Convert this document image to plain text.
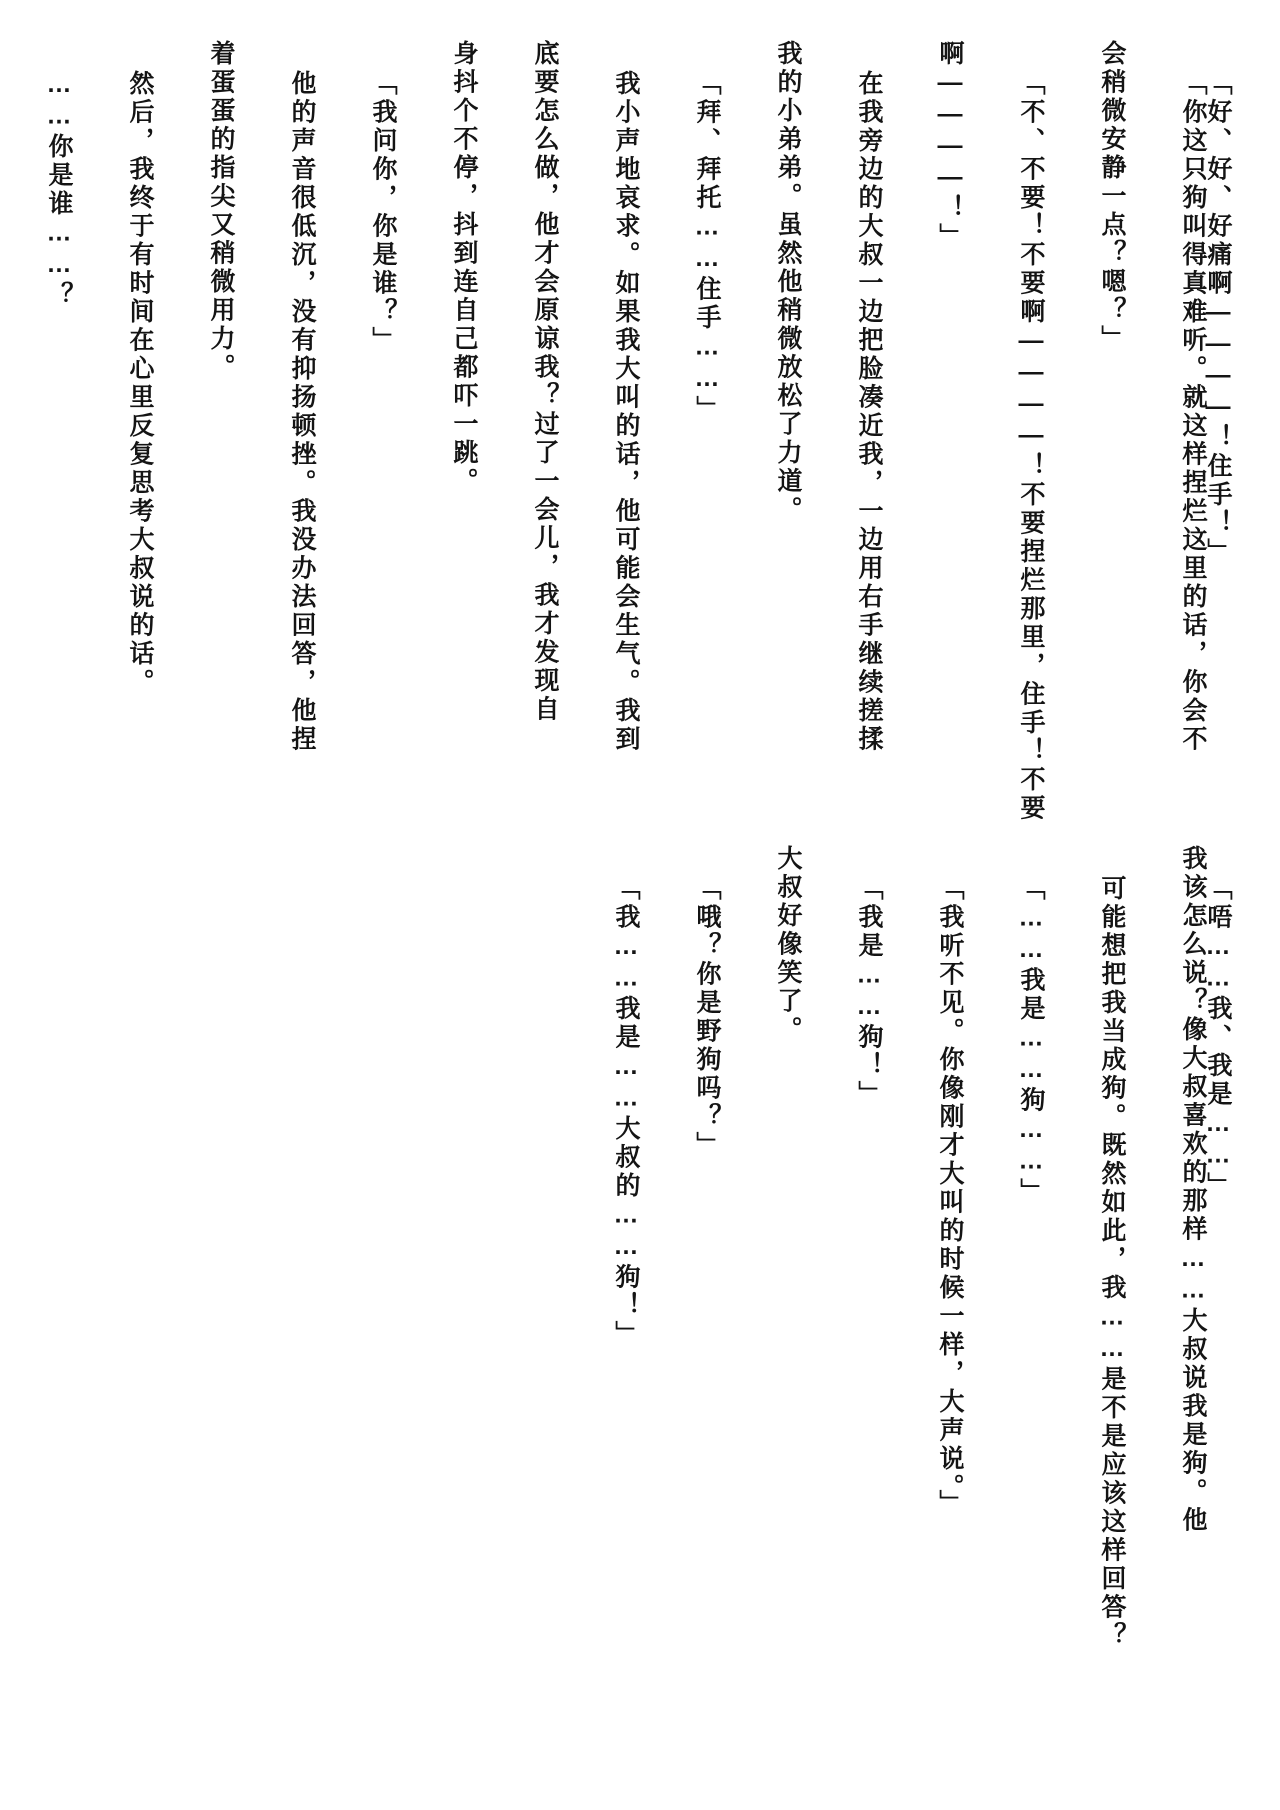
「好、好、好痛啊————！住手！」
「你这只狗叫得真难听。就这样捏烂这里的话，你会不
会稍微安静一点？嗯？」
「不、不要！不要啊————！不要捏烂那里，住手！不要
啊————！」
在我旁边的大叔一边把脸凑近我，一边用右手继续搓揉
我的小弟弟。虽然他稍微放松了力道。
「拜、拜托……住手……」
我小声地哀求。如果我大叫的话，他可能会生气。我到
底要怎么做，他才会原谅我？过了一会儿，我才发现自
身抖个不停，抖到连自己都吓一跳。
「我问你，你是谁？」
他的声音很低沉，没有抑扬顿挫。我没办法回答，他捏
着蛋蛋的指尖又稍微用力。
然后，我终于有时间在心里反复思考大叔说的话。
……你是谁……？
「唔……我、我是……」
我该怎么说？像大叔喜欢的那样……大叔说我是狗。他
可能想把我当成狗。既然如此，我……是不是应该这样回答？
「……我是……狗……」
「我听不见。你像刚才大叫的时候一样，大声说。」
「我是……狗！」
大叔好像笑了。
「哦？你是野狗吗？」
「我……我是……大叔的……狗！」
